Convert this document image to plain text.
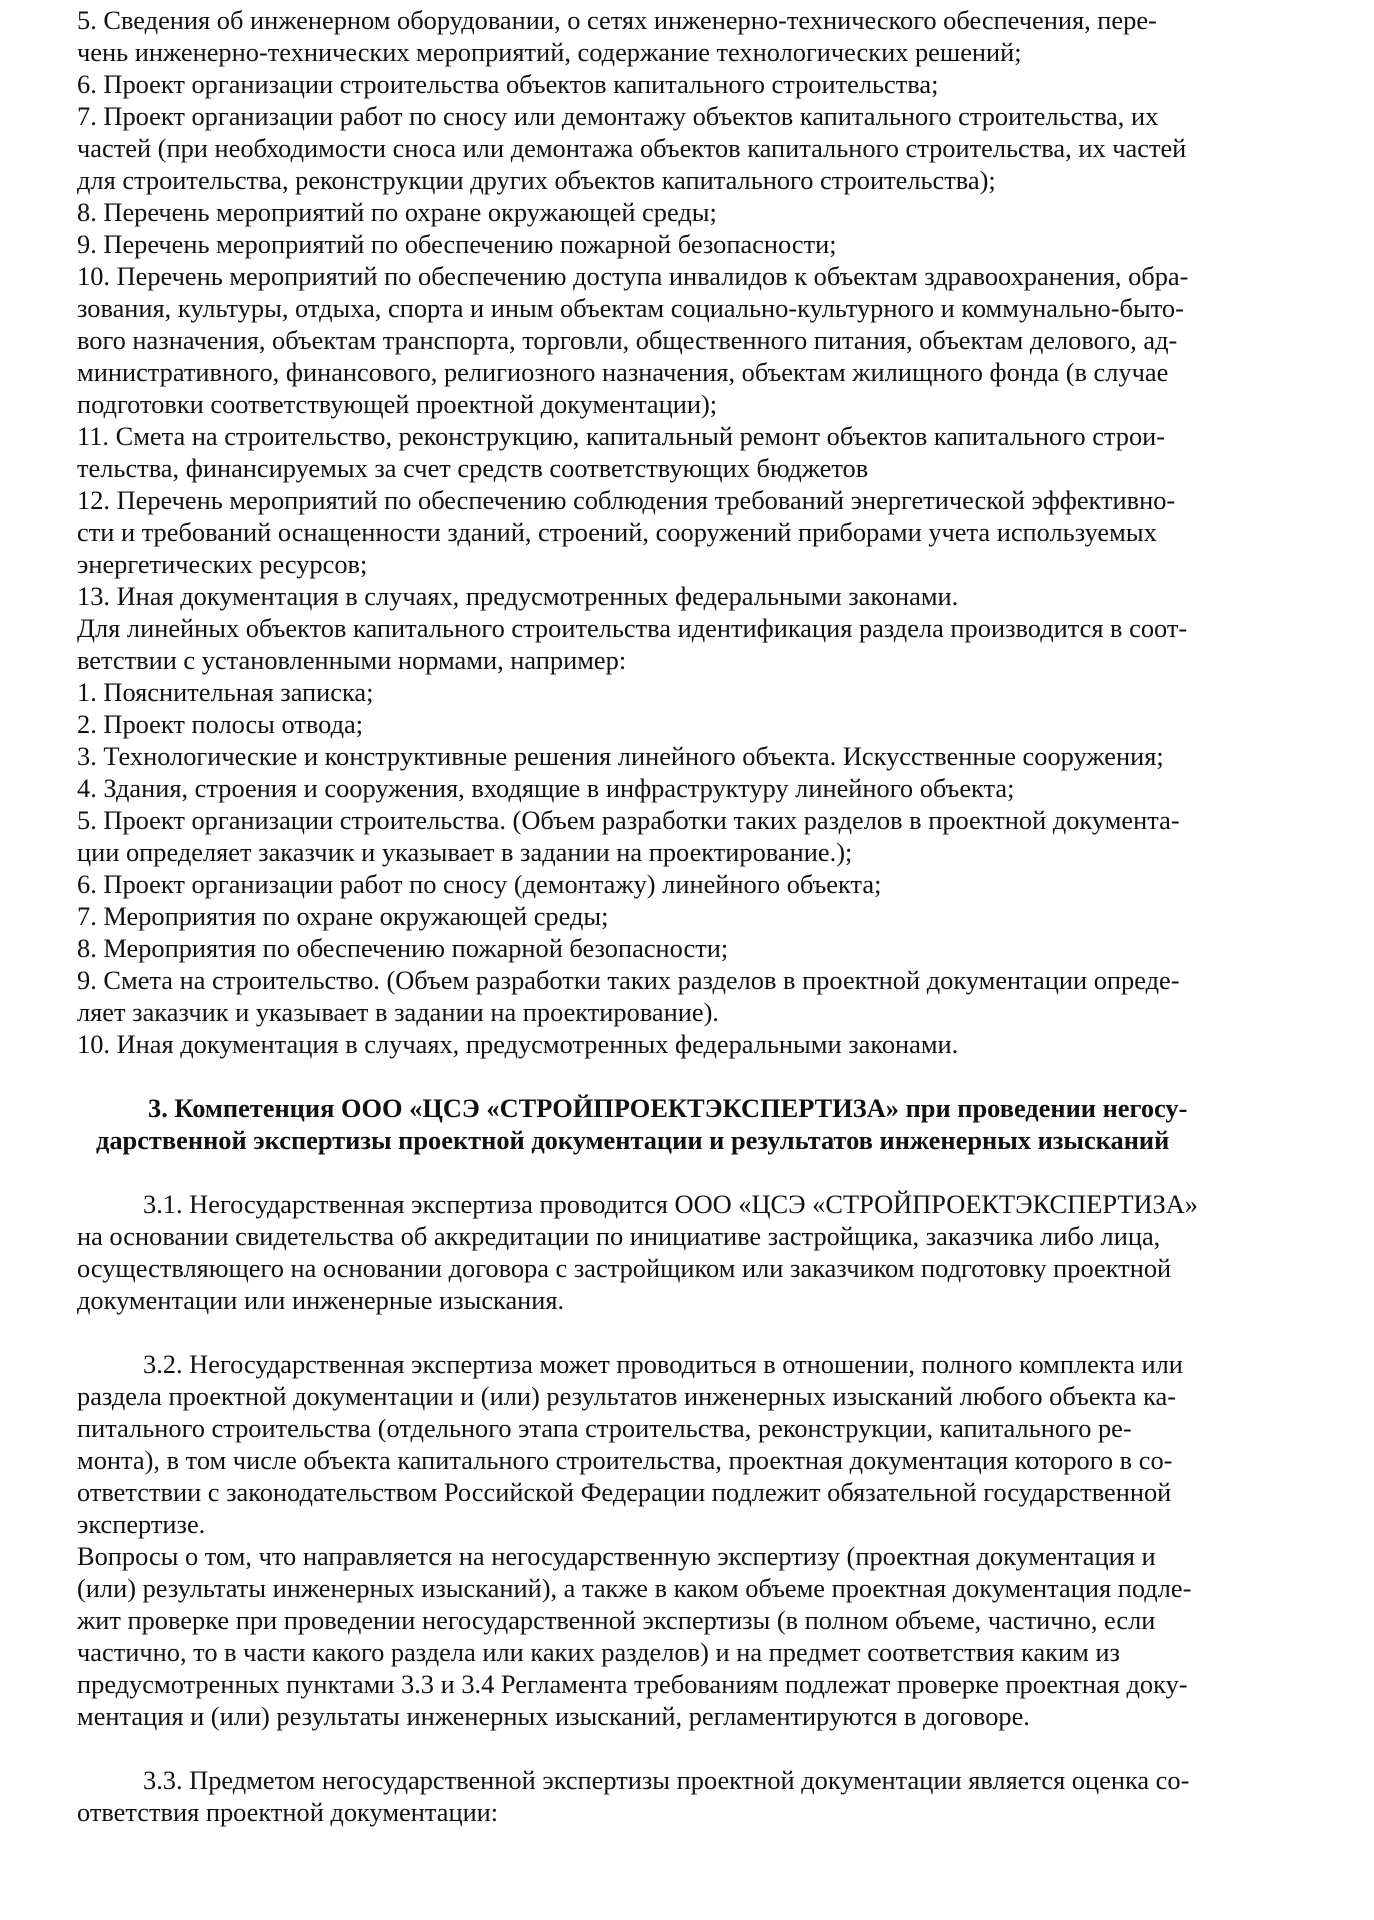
5. Сведения об инженерном оборудовании, о сетях инженерно-технического обеспечения, пере-
чень инженерно-технических мероприятий, содержание технологических решений;
6. Проект организации строительства объектов капитального строительства;
7. Проект организации работ по сносу или демонтажу объектов капитального строительства, их
частей (при необходимости сноса или демонтажа объектов капитального строительства, их частей
для строительства, реконструкции других объектов капитального строительства);
8. Перечень мероприятий по охране окружающей среды;
9. Перечень мероприятий по обеспечению пожарной безопасности;
10. Перечень мероприятий по обеспечению доступа инвалидов к объектам здравоохранения, обра-
зования, культуры, отдыха, спорта и иным объектам социально-культурного и коммунально-быто-
вого назначения, объектам транспорта, торговли, общественного питания, объектам делового, ад-
министративного, финансового, религиозного назначения, объектам жилищного фонда (в случае
подготовки соответствующей проектной документации);
11. Смета на строительство, реконструкцию, капитальный ремонт объектов капитального строи-
тельства, финансируемых за счет средств соответствующих бюджетов
12. Перечень мероприятий по обеспечению соблюдения требований энергетической эффективно-
сти и требований оснащенности зданий, строений, сооружений приборами учета используемых
энергетических ресурсов;
13. Иная документация в случаях, предусмотренных федеральными законами.
Для линейных объектов капитального строительства идентификация раздела производится в соот-
ветствии с установленными нормами, например:
1. Пояснительная записка;
2. Проект полосы отвода;
3. Технологические и конструктивные решения линейного объекта. Искусственные сооружения;
4. Здания, строения и сооружения, входящие в инфраструктуру линейного объекта;
5. Проект организации строительства. (Объем разработки таких разделов в проектной документа-
ции определяет заказчик и указывает в задании на проектирование.);
6. Проект организации работ по сносу (демонтажу) линейного объекта;
7. Мероприятия по охране окружающей среды;
8. Мероприятия по обеспечению пожарной безопасности;
9. Смета на строительство. (Объем разработки таких разделов в проектной документации опреде-
ляет заказчик и указывает в задании на проектирование).
10. Иная документация в случаях, предусмотренных федеральными законами.
3. Компетенция ООО «ЦСЭ «СТРОЙПРОЕКТЭКСПЕРТИЗА» при проведении негосу-
дарственной экспертизы проектной документации и результатов инженерных изысканий
3.1. Негосударственная экспертиза проводится ООО «ЦСЭ «СТРОЙПРОЕКТЭКСПЕРТИЗА»
на основании свидетельства об аккредитации по инициативе застройщика, заказчика либо лица,
осуществляющего на основании договора с застройщиком или заказчиком подготовку проектной
документации или инженерные изыскания.
3.2. Негосударственная экспертиза может проводиться в отношении, полного комплекта или
раздела проектной документации и (или) результатов инженерных изысканий любого объекта ка-
питального строительства (отдельного этапа строительства, реконструкции, капитального ре-
монта), в том числе объекта капитального строительства, проектная документация которого в со-
ответствии с законодательством Российской Федерации подлежит обязательной государственной
экспертизе.
Вопросы о том, что направляется на негосударственную экспертизу (проектная документация и
(или) результаты инженерных изысканий), а также в каком объеме проектная документация подле-
жит проверке при проведении негосударственной экспертизы (в полном объеме, частично, если
частично, то в части какого раздела или каких разделов) и на предмет соответствия каким из
предусмотренных пунктами 3.3 и 3.4 Регламента требованиям подлежат проверке проектная доку-
ментация и (или) результаты инженерных изысканий, регламентируются в договоре.
3.3. Предметом негосударственной экспертизы проектной документации является оценка со-
ответствия проектной документации:
